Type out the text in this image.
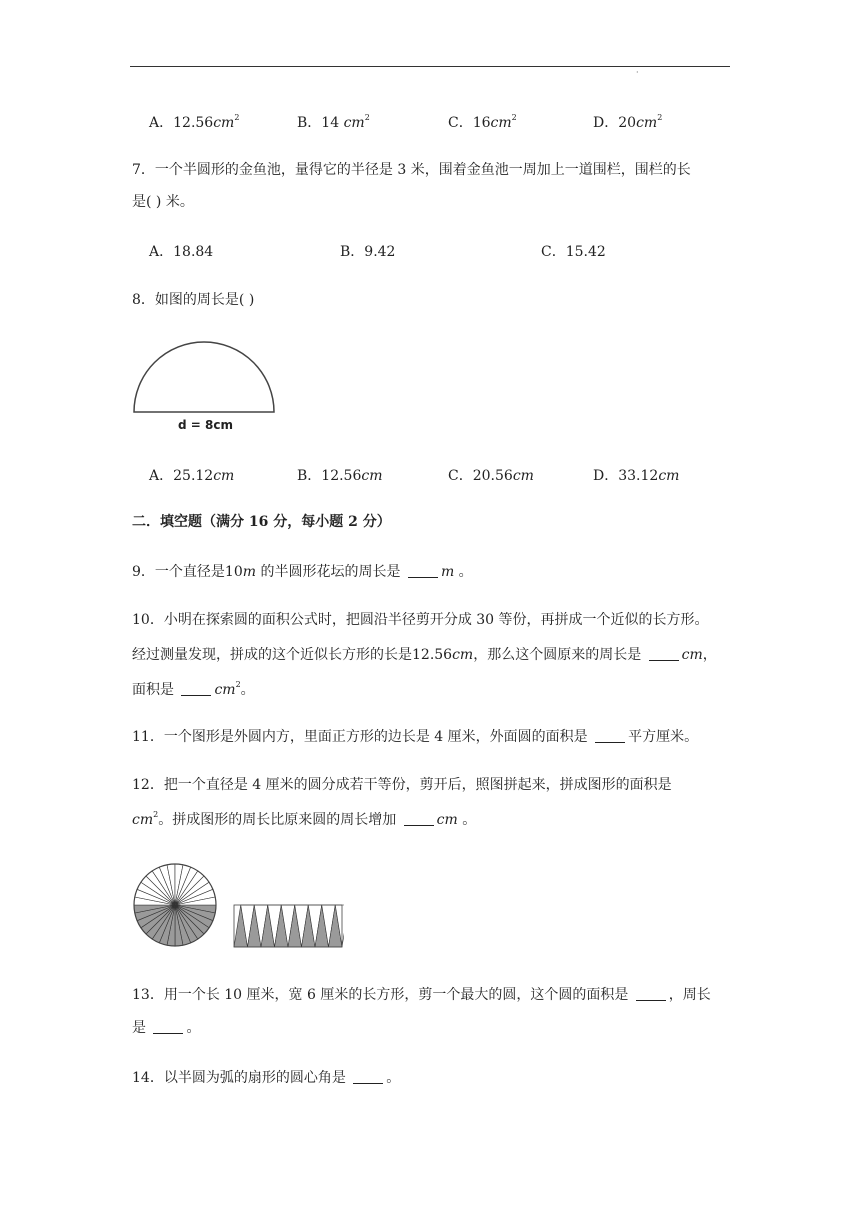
·
A．$12.56cm^2$	B．14 $cm^2$	C．$16cm^2$	D．$20cm^2$
7．一个半圆形的金鱼池，量得它的半径是 3 米，围着金鱼池一周加上一道围栏，围栏的长
是( ) 米。
A．18.84	B．9.42	C．15.42
8．如图的周长是( )
d = 8cm
A．25.12cm	B．12.56cm	C．20.56cm	D．33.12cm
二．填空题（满分 16 分，每小题 2 分）
9．一个直径是10m 的半圆形花坛的周长是	m 。
10．小明在探索圆的面积公式时，把圆沿半径剪开分成 30 等份，再拼成一个近似的长方形。
经过测量发现，拼成的这个近似长方形的长是12.56cm，那么这个圆原来的周长是	cm，
面积是	$cm^2$。
11．一个图形是外圆内方，里面正方形的边长是 4 厘米，外面圆的面积是	平方厘米。
12．把一个直径是 4 厘米的圆分成若干等份，剪开后，照图拼起来，拼成图形的面积是
$cm^2$。拼成图形的周长比原来圆的周长增加	cm 。
13．用一个长 10 厘米，宽 6 厘米的长方形，剪一个最大的圆，这个圆的面积是	，周长
是	。
14．以半圆为弧的扇形的圆心角是	。
